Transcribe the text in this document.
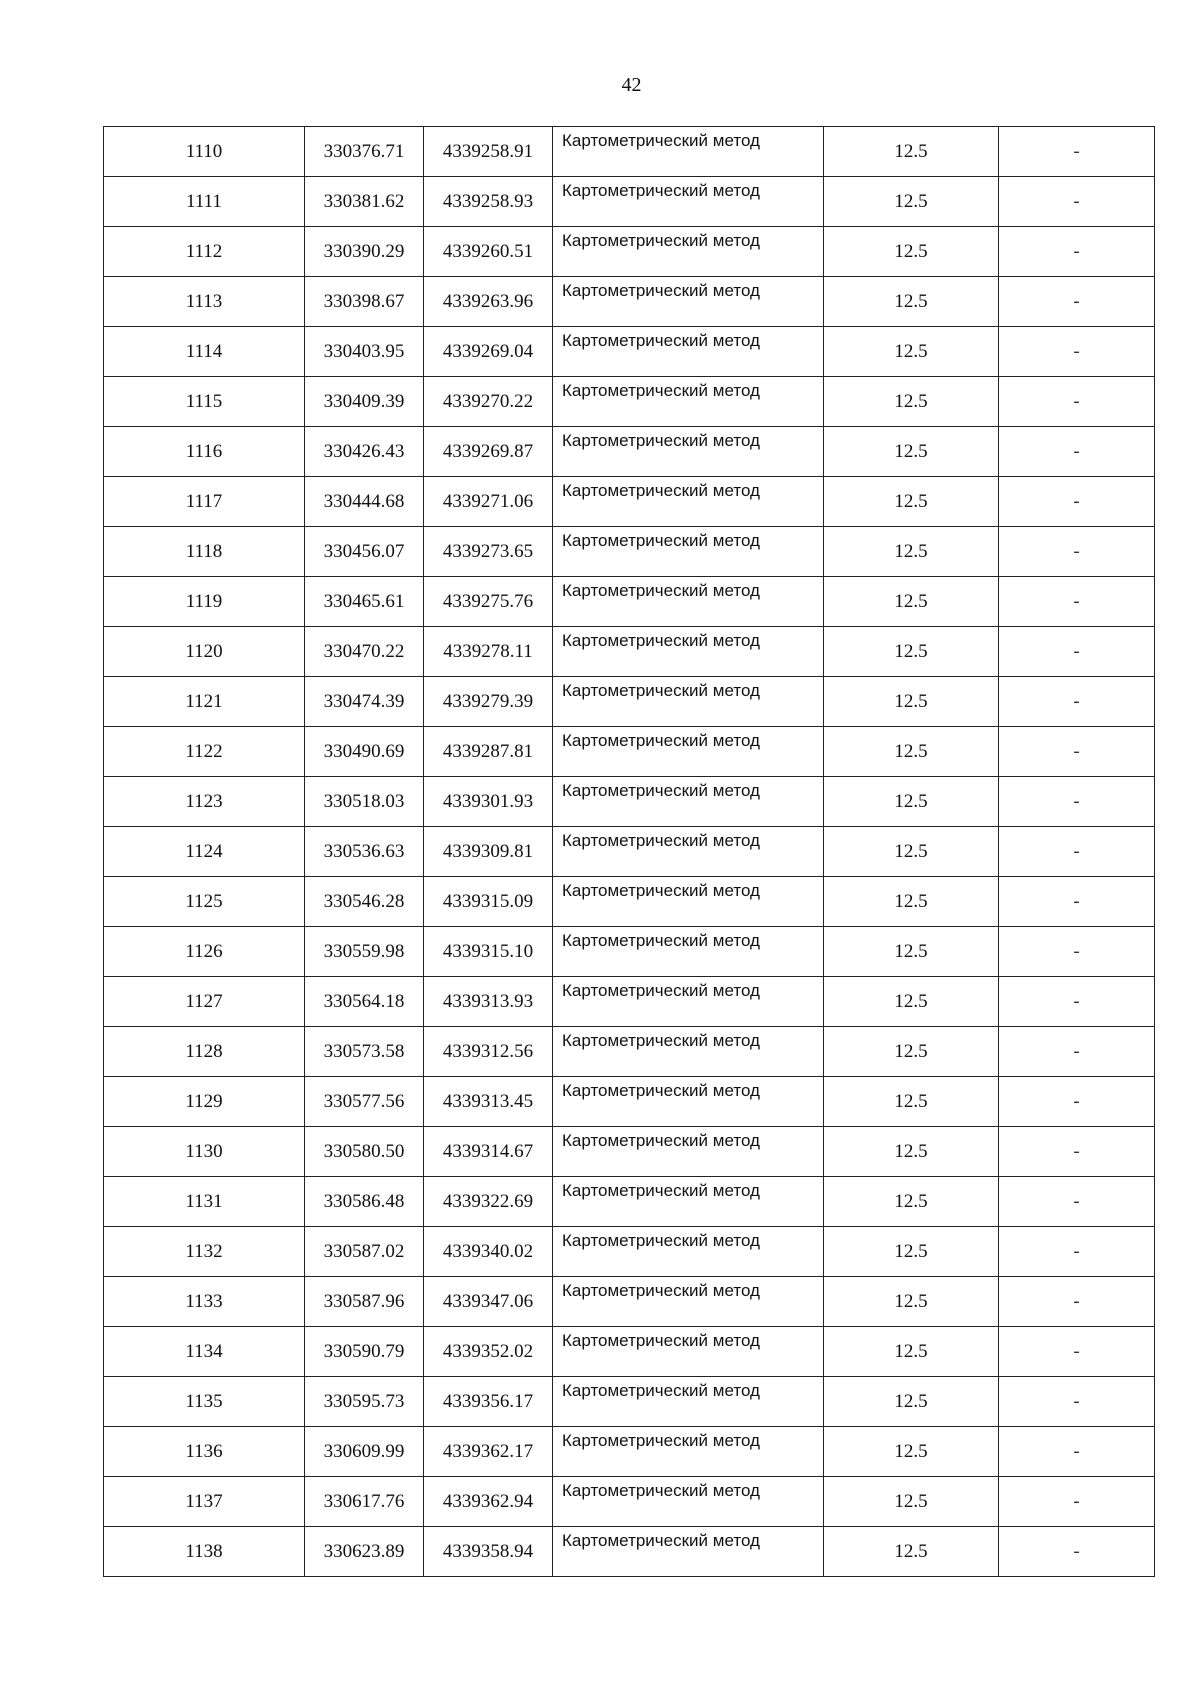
42
1110	330376.71	4339258.91	Картометрический метод	12.5	-
1111	330381.62	4339258.93	Картометрический метод	12.5	-
1112	330390.29	4339260.51	Картометрический метод	12.5	-
1113	330398.67	4339263.96	Картометрический метод	12.5	-
1114	330403.95	4339269.04	Картометрический метод	12.5	-
1115	330409.39	4339270.22	Картометрический метод	12.5	-
1116	330426.43	4339269.87	Картометрический метод	12.5	-
1117	330444.68	4339271.06	Картометрический метод	12.5	-
1118	330456.07	4339273.65	Картометрический метод	12.5	-
1119	330465.61	4339275.76	Картометрический метод	12.5	-
1120	330470.22	4339278.11	Картометрический метод	12.5	-
1121	330474.39	4339279.39	Картометрический метод	12.5	-
1122	330490.69	4339287.81	Картометрический метод	12.5	-
1123	330518.03	4339301.93	Картометрический метод	12.5	-
1124	330536.63	4339309.81	Картометрический метод	12.5	-
1125	330546.28	4339315.09	Картометрический метод	12.5	-
1126	330559.98	4339315.10	Картометрический метод	12.5	-
1127	330564.18	4339313.93	Картометрический метод	12.5	-
1128	330573.58	4339312.56	Картометрический метод	12.5	-
1129	330577.56	4339313.45	Картометрический метод	12.5	-
1130	330580.50	4339314.67	Картометрический метод	12.5	-
1131	330586.48	4339322.69	Картометрический метод	12.5	-
1132	330587.02	4339340.02	Картометрический метод	12.5	-
1133	330587.96	4339347.06	Картометрический метод	12.5	-
1134	330590.79	4339352.02	Картометрический метод	12.5	-
1135	330595.73	4339356.17	Картометрический метод	12.5	-
1136	330609.99	4339362.17	Картометрический метод	12.5	-
1137	330617.76	4339362.94	Картометрический метод	12.5	-
1138	330623.89	4339358.94	Картометрический метод	12.5	-
